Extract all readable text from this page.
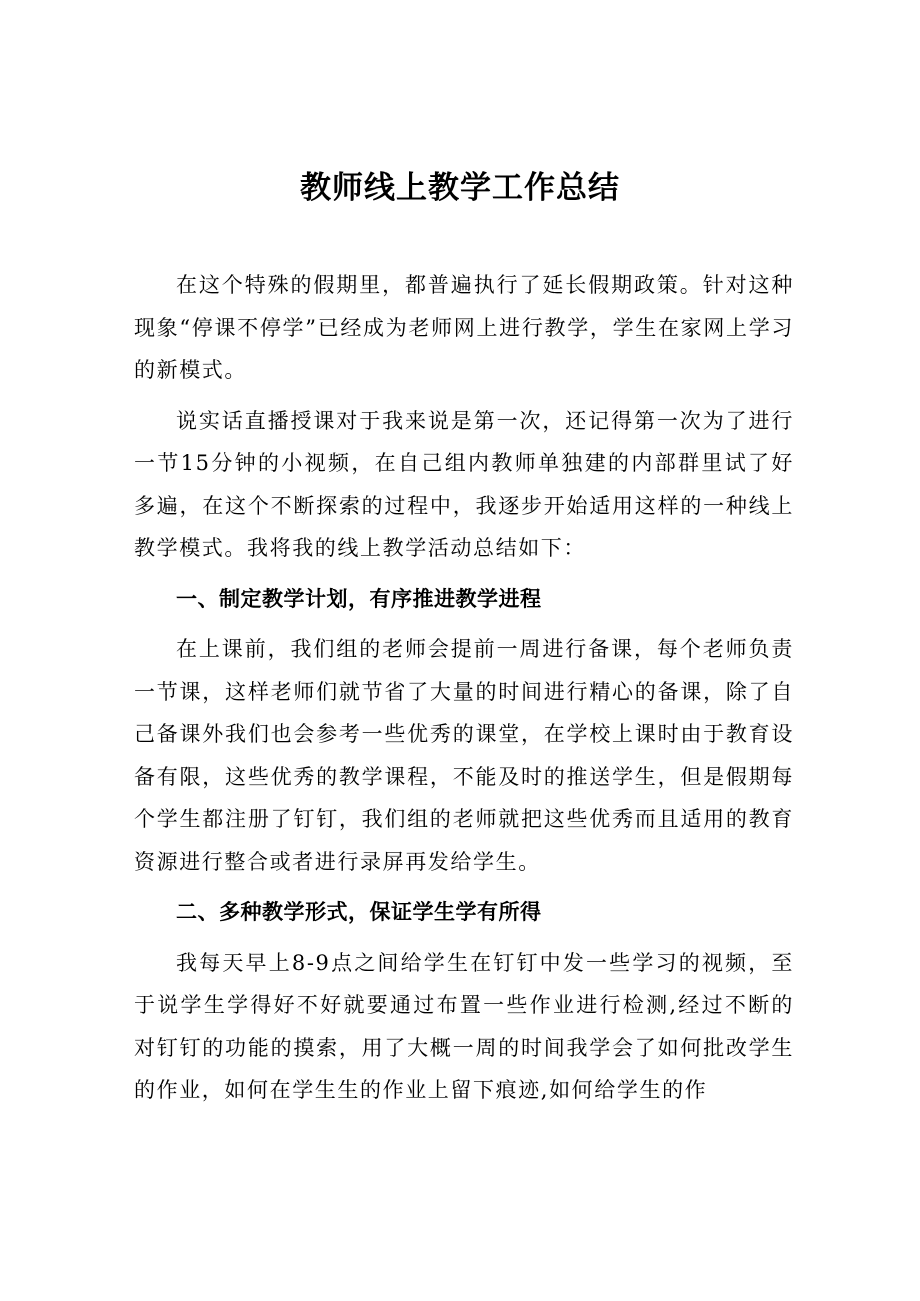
教师线上教学工作总结

在这个特殊的假期里，都普遍执行了延长假期政策。针对这种现象“停课不停学”已经成为老师网上进行教学，学生在家网上学习的新模式。

说实话直播授课对于我来说是第一次，还记得第一次为了进行一节15分钟的小视频，在自己组内教师单独建的内部群里试了好多遍，在这个不断探索的过程中，我逐步开始适用这样的一种线上教学模式。我将我的线上教学活动总结如下：

一、制定教学计划，有序推进教学进程

在上课前，我们组的老师会提前一周进行备课，每个老师负责一节课，这样老师们就节省了大量的时间进行精心的备课，除了自己备课外我们也会参考一些优秀的课堂，在学校上课时由于教育设备有限，这些优秀的教学课程，不能及时的推送学生，但是假期每个学生都注册了钉钉，我们组的老师就把这些优秀而且适用的教育资源进行整合或者进行录屏再发给学生。

二、多种教学形式，保证学生学有所得

我每天早上8-9点之间给学生在钉钉中发一些学习的视频，至于说学生学得好不好就要通过布置一些作业进行检测,经过不断的对钉钉的功能的摸索，用了大概一周的时间我学会了如何批改学生的作业，如何在学生生的作业上留下痕迹,如何给学生的作
